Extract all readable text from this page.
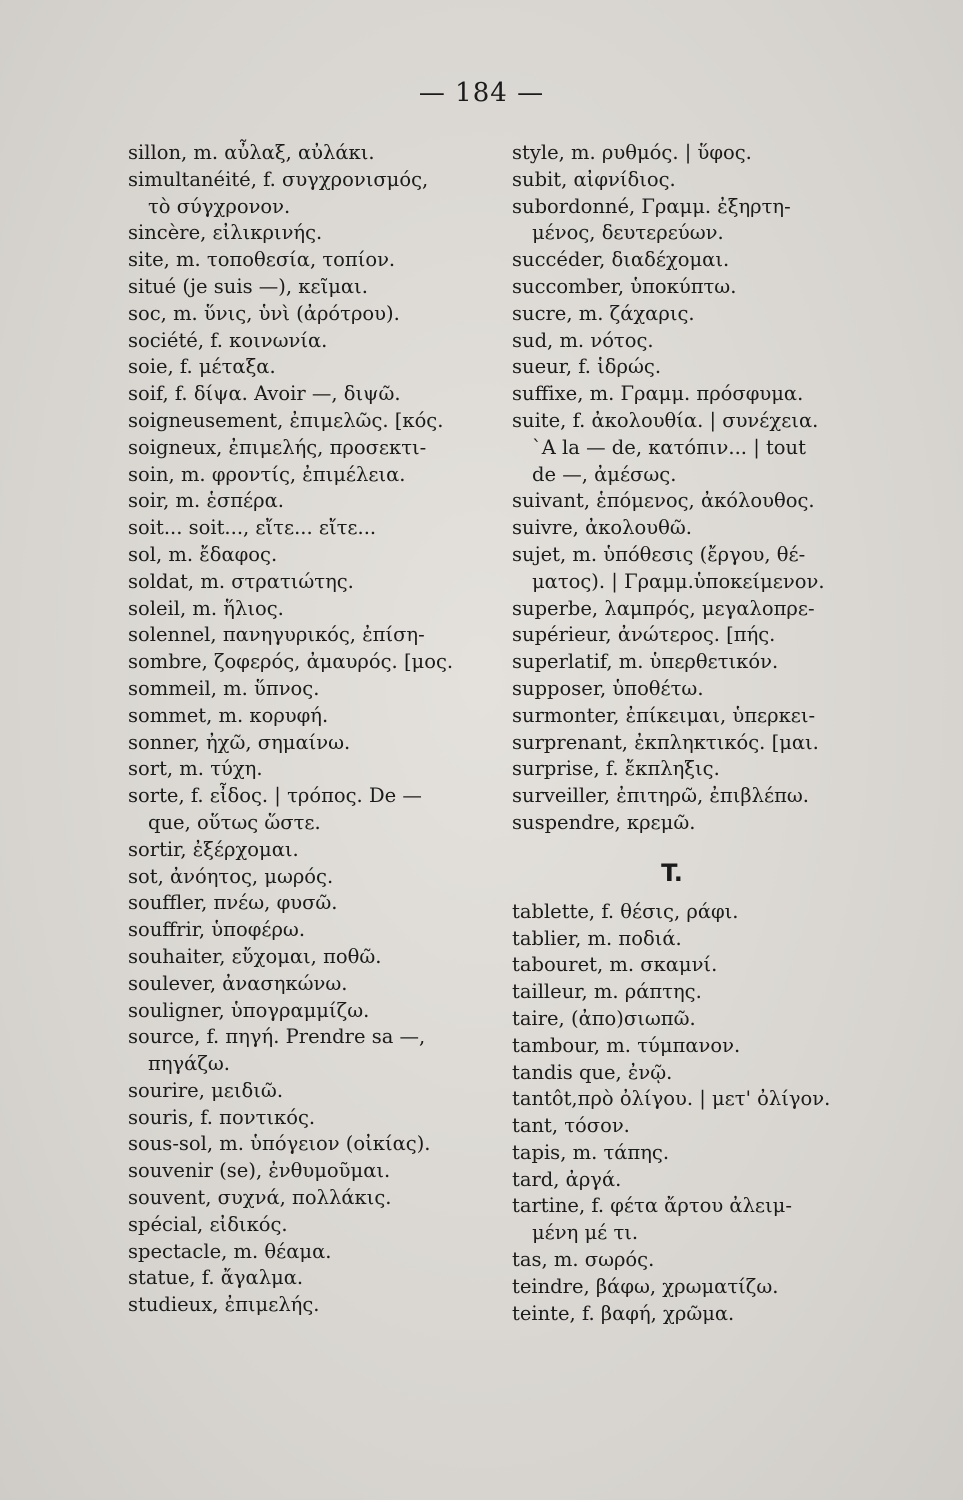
— 184 —
sillon, m. αὖλαξ, αὐλάκι.
simultanéité, f. συγχρονισμός,
τὸ σύγχρονον.
sincère, εἰλικρινής.
site, m. τοποθεσία, τοπίον.
situé (je suis —), κεῖμαι.
soc, m. ὕνις, ὑνὶ (ἀρότρου).
société, f. κοινωνία.
soie, f. μέταξα.
soif, f. δίψα. Avoir —, διψῶ.
soigneusement, ἐπιμελῶς. [κός.
soigneux, ἐπιμελής, προσεκτι-
soin, m. φροντίς, ἐπιμέλεια.
soir, m. ἑσπέρα.
soit... soit..., εἴτε... εἴτε...
sol, m. ἔδαφος.
soldat, m. στρατιώτης.
soleil, m. ἥλιος.
solennel, πανηγυρικός, ἐπίση-
sombre, ζοφερός, ἀμαυρός. [μος.
sommeil, m. ὕπνος.
sommet, m. κορυφή.
sonner, ἠχῶ, σημαίνω.
sort, m. τύχη.
sorte, f. εἶδος. | τρόπος. De —
que, οὕτως ὥστε.
sortir, ἐξέρχομαι.
sot, ἀνόητος, μωρός.
souffler, πνέω, φυσῶ.
souffrir, ὑποφέρω.
souhaiter, εὔχομαι, ποθῶ.
soulever, ἀνασηκώνω.
souligner, ὑπογραμμίζω.
source, f. πηγή. Prendre sa —,
πηγάζω.
sourire, μειδιῶ.
souris, f. ποντικός.
sous-sol, m. ὑπόγειον (οἰκίας).
souvenir (se), ἐνθυμοῦμαι.
souvent, συχνά, πολλάκις.
spécial, εἰδικός.
spectacle, m. θέαμα.
statue, f. ἄγαλμα.
studieux, ἐπιμελής.
style, m. ρυθμός. | ὕφος.
subit, αἰφνίδιος.
subordonné, Γραμμ. ἐξηρτη-
μένος, δευτερεύων.
succéder, διαδέχομαι.
succomber, ὑποκύπτω.
sucre, m. ζάχαρις.
sud, m. νότος.
sueur, f. ἱδρώς.
suffixe, m. Γραμμ. πρόσφυμα.
suite, f. ἀκολουθία. | συνέχεια.
`A la — de, κατόπιν... | tout
de —, ἀμέσως.
suivant, ἑπόμενος, ἀκόλουθος.
suivre, ἀκολουθῶ.
sujet, m. ὑπόθεσις (ἔργου, θέ-
ματος). | Γραμμ.ὑποκείμενον.
superbe, λαμπρός, μεγαλοπρε-
supérieur, ἀνώτερος. [πής.
superlatif, m. ὑπερθετικόν.
supposer, ὑποθέτω.
surmonter, ἐπίκειμαι, ὑπερκει-
surprenant, ἐκπληκτικός. [μαι.
surprise, f. ἔκπληξις.
surveiller, ἐπιτηρῶ, ἐπιβλέπω.
suspendre, κρεμῶ.
T.
tablette, f. θέσις, ράφι.
tablier, m. ποδιά.
tabouret, m. σκαμνί.
tailleur, m. ράπτης.
taire, (ἀπο)σιωπῶ.
tambour, m. τύμπανον.
tandis que, ἐνῷ.
tantôt,πρὸ ὀλίγου. | μετ' ὀλίγον.
tant, τόσον.
tapis, m. τάπης.
tard, ἀργά.
tartine, f. φέτα ἄρτου ἀλειμ-
μένη μέ τι.
tas, m. σωρός.
teindre, βάφω, χρωματίζω.
teinte, f. βαφή, χρῶμα.
